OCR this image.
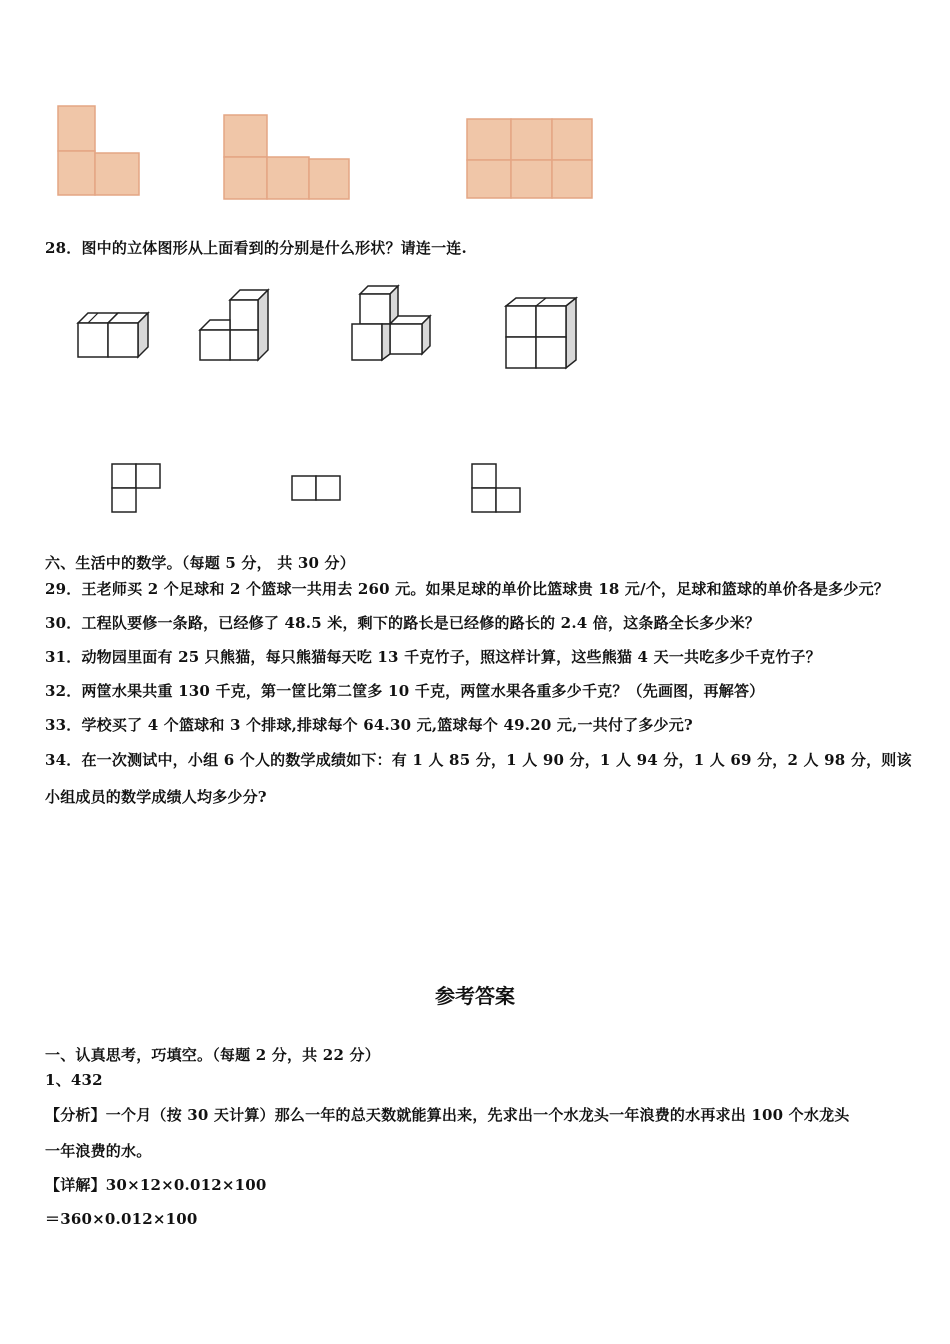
28．图中的立体图形从上面看到的分别是什么形状？请连一连.
六、生活中的数学。（每题 5 分， 共 30 分）
29．王老师买 2 个足球和 2 个篮球一共用去 260 元。如果足球的单价比篮球贵 18 元/个，足球和篮球的单价各是多少元？
30．工程队要修一条路，已经修了 48.5 米，剩下的路长是已经修的路长的 2.4 倍，这条路全长多少米？
31．动物园里面有 25 只熊猫，每只熊猫每天吃 13 千克竹子，照这样计算，这些熊猫 4 天一共吃多少千克竹子？
32．两筐水果共重 130 千克，第一筐比第二筐多 10 千克，两筐水果各重多少千克？（先画图，再解答）
33．学校买了 4 个篮球和 3 个排球,排球每个 64.30 元,篮球每个 49.20 元,一共付了多少元?
34．在一次测试中，小组 6 个人的数学成绩如下：有 1 人 85 分，1 人 90 分，1 人 94 分，1 人 69 分，2 人 98 分，则该
小组成员的数学成绩人均多少分?
参考答案
一、认真思考，巧填空。（每题 2 分，共 22 分）
1、432
【分析】一个月（按 30 天计算）那么一年的总天数就能算出来，先求出一个水龙头一年浪费的水再求出 100 个水龙头
一年浪费的水。
【详解】30×12×0.012×100
＝360×0.012×100
